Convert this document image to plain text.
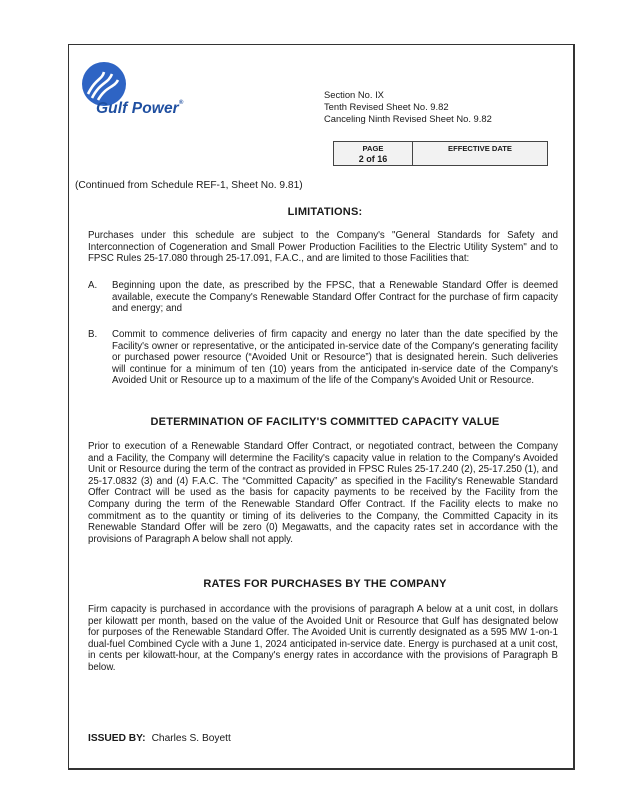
Gulf Power®
Section No. IX
Tenth Revised Sheet No. 9.82
Canceling Ninth Revised Sheet No. 9.82
PAGE
2 of 16
EFFECTIVE DATE
(Continued from Schedule REF-1, Sheet No. 9.81)
LIMITATIONS:
Purchases under this schedule are subject to the Company's "General Standards for Safety and Interconnection of Cogeneration and Small Power Production Facilities to the Electric Utility System" and to FPSC Rules 25-17.080 through 25-17.091, F.A.C., and are limited to those Facilities that:
A. Beginning upon the date, as prescribed by the FPSC, that a Renewable Standard Offer is deemed available, execute the Company's Renewable Standard Offer Contract for the purchase of firm capacity and energy; and
B. Commit to commence deliveries of firm capacity and energy no later than the date specified by the Facility's owner or representative, or the anticipated in-service date of the Company's generating facility or purchased power resource (“Avoided Unit or Resource”) that is designated herein. Such deliveries will continue for a minimum of ten (10) years from the anticipated in-service date of the Company's Avoided Unit or Resource up to a maximum of the life of the Company's Avoided Unit or Resource.
DETERMINATION OF FACILITY'S COMMITTED CAPACITY VALUE
Prior to execution of a Renewable Standard Offer Contract, or negotiated contract, between the Company and a Facility, the Company will determine the Facility's capacity value in relation to the Company's Avoided Unit or Resource during the term of the contract as provided in FPSC Rules 25-17.240 (2), 25-17.250 (1), and 25-17.0832 (3) and (4) F.A.C. The “Committed Capacity” as specified in the Facility's Renewable Standard Offer Contract will be used as the basis for capacity payments to be received by the Facility from the Company during the term of the Renewable Standard Offer Contract. If the Facility elects to make no commitment as to the quantity or timing of its deliveries to the Company, the Committed Capacity in its Renewable Standard Offer will be zero (0) Megawatts, and the capacity rates set in accordance with the provisions of Paragraph A below shall not apply.
RATES FOR PURCHASES BY THE COMPANY
Firm capacity is purchased in accordance with the provisions of paragraph A below at a unit cost, in dollars per kilowatt per month, based on the value of the Avoided Unit or Resource that Gulf has designated below for purposes of the Renewable Standard Offer. The Avoided Unit is currently designated as a 595 MW 1-on-1 dual-fuel Combined Cycle with a June 1, 2024 anticipated in-service date. Energy is purchased at a unit cost, in cents per kilowatt-hour, at the Company's energy rates in accordance with the provisions of Paragraph B below.
ISSUED BY: Charles S. Boyett
